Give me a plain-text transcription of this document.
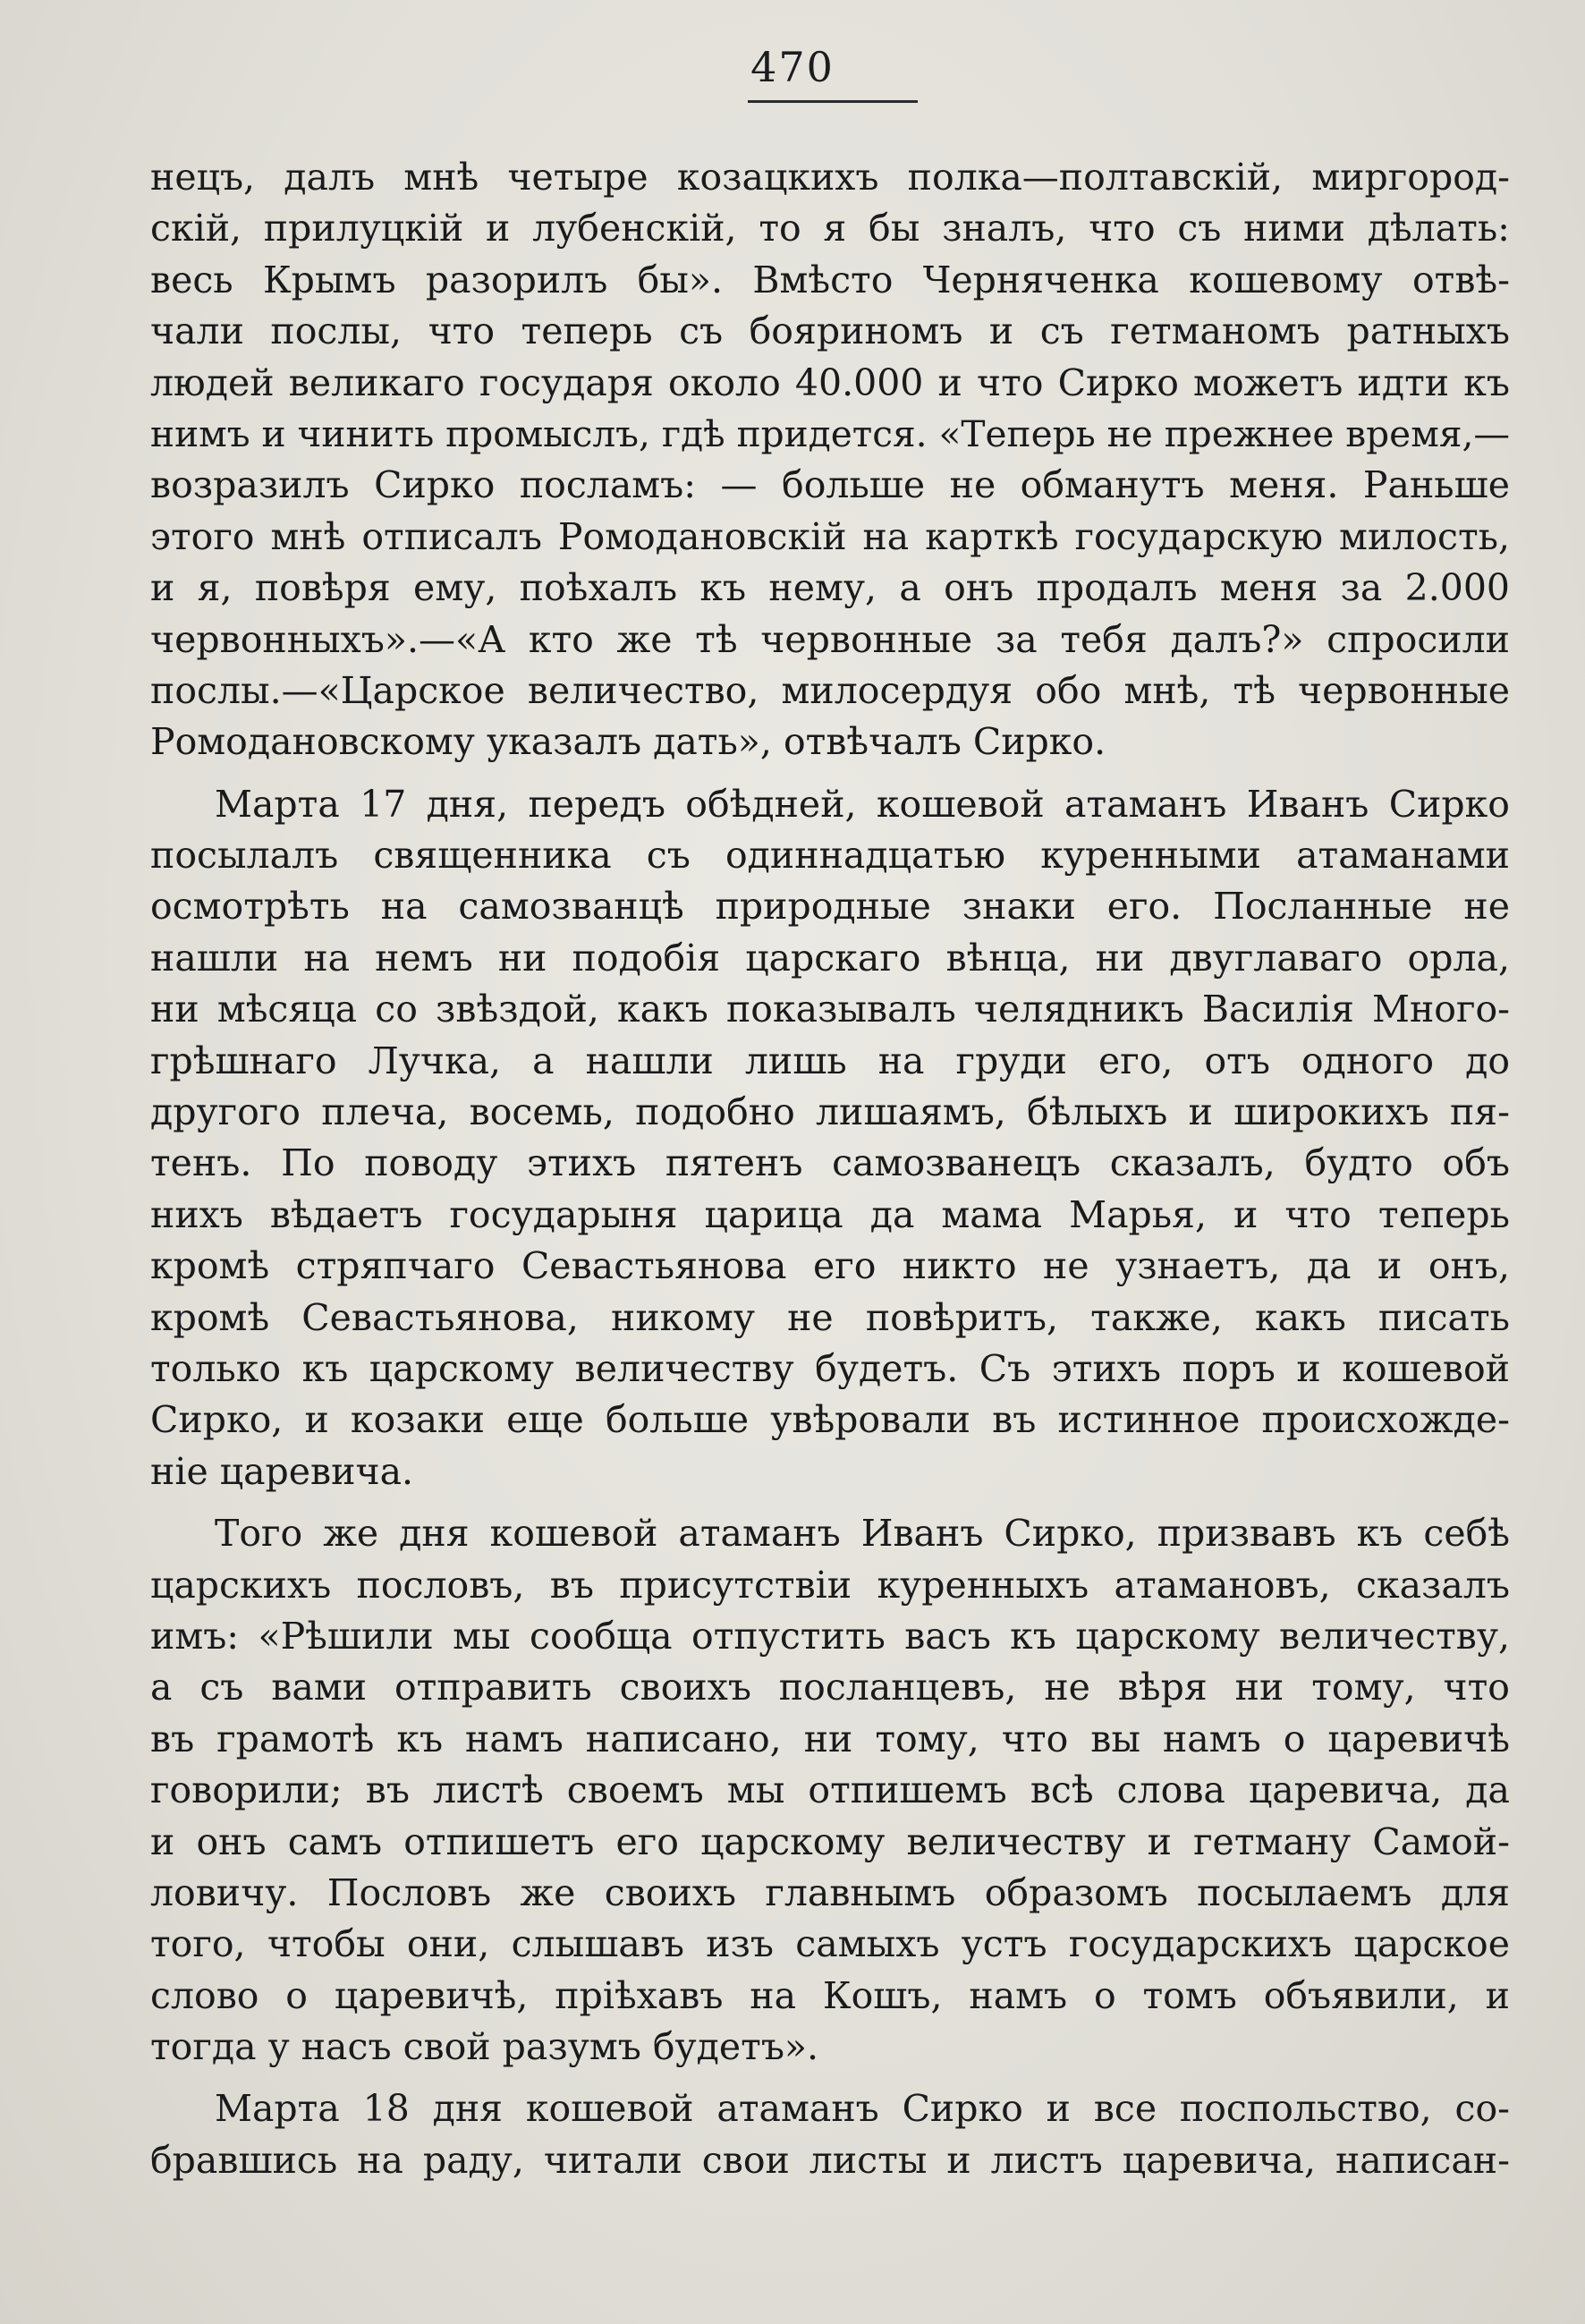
470

нецъ, далъ мнѣ четыре козацкихъ полка—полтавскій, миргород-
скій, прилуцкій и лубенскій, то я бы зналъ, что съ ними дѣлать:
весь Крымъ разорилъ бы». Вмѣсто Черняченка кошевому отвѣ-
чали послы, что теперь съ бояриномъ и съ гетманомъ ратныхъ
людей великаго государя около 40.000 и что Сирко можетъ идти къ
нимъ и чинить промыслъ, гдѣ придется. «Теперь не прежнее время,—
возразилъ Сирко посламъ: — больше не обманутъ меня. Раньше
этого мнѣ отписалъ Ромодановскій на карткѣ государскую милость,
и я, повѣря ему, поѣхалъ къ нему, а онъ продалъ меня за 2.000
червонныхъ».—«А кто же тѣ червонные за тебя далъ?» спросили
послы.—«Царское величество, милосердуя обо мнѣ, тѣ червонные
Ромодановскому указалъ дать», отвѣчалъ Сирко.

Марта 17 дня, передъ обѣдней, кошевой атаманъ Иванъ Сирко
посылалъ священника съ одиннадцатью куренными атаманами
осмотрѣть на самозванцѣ природные знаки его. Посланные не
нашли на немъ ни подобія царскаго вѣнца, ни двуглаваго орла,
ни мѣсяца со звѣздой, какъ показывалъ челядникъ Василія Много-
грѣшнаго Лучка, а нашли лишь на груди его, отъ одного до
другого плеча, восемь, подобно лишаямъ, бѣлыхъ и широкихъ пя-
тенъ. По поводу этихъ пятенъ самозванецъ сказалъ, будто объ
нихъ вѣдаетъ государыня царица да мама Марья, и что теперь
кромѣ стряпчаго Севастьянова его никто не узнаетъ, да и онъ,
кромѣ Севастьянова, никому не повѣритъ, также, какъ писать
только къ царскому величеству будетъ. Съ этихъ поръ и кошевой
Сирко, и козаки еще больше увѣровали въ истинное происхожде-
ніе царевича.

Того же дня кошевой атаманъ Иванъ Сирко, призвавъ къ себѣ
царскихъ пословъ, въ присутствіи куренныхъ атамановъ, сказалъ
имъ: «Рѣшили мы сообща отпустить васъ къ царскому величеству,
а съ вами отправить своихъ посланцевъ, не вѣря ни тому, что
въ грамотѣ къ намъ написано, ни тому, что вы намъ о царевичѣ
говорили; въ листѣ своемъ мы отпишемъ всѣ слова царевича, да
и онъ самъ отпишетъ его царскому величеству и гетману Самой-
ловичу. Пословъ же своихъ главнымъ образомъ посылаемъ для
того, чтобы они, слышавъ изъ самыхъ устъ государскихъ царское
слово о царевичѣ, пріѣхавъ на Кошъ, намъ о томъ объявили, и
тогда у насъ свой разумъ будетъ».

Марта 18 дня кошевой атаманъ Сирко и все поспольство, со-
бравшись на раду, читали свои листы и листъ царевича, написан-
